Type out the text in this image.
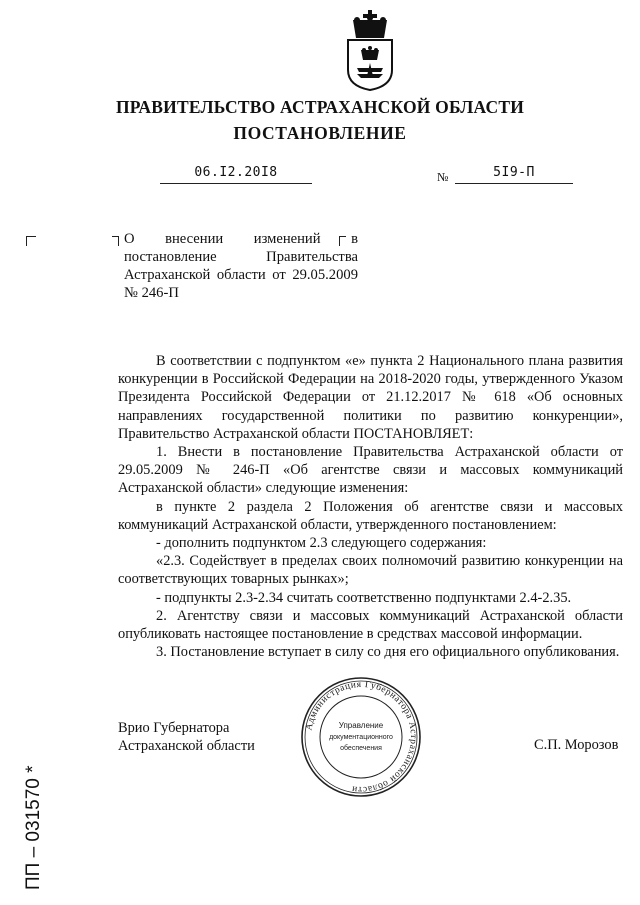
ПРАВИТЕЛЬСТВО АСТРАХАНСКОЙ ОБЛАСТИ
ПОСТАНОВЛЕНИЕ
06.I2.20I8	№	5I9-П
О внесении изменений в постановление Правительства Астраханской области от 29.05.2009 № 246-П

В соответствии с подпунктом «е» пункта 2 Национального плана развития конкуренции в Российской Федерации на 2018-2020 годы, утвержденного Указом Президента Российской Федерации от 21.12.2017 № 618 «Об основных направлениях государственной политики по развитию конкуренции», Правительство Астраханской области ПОСТАНОВЛЯЕТ:

1. Внести в постановление Правительства Астраханской области от 29.05.2009 № 246-П «Об агентстве связи и массовых коммуникаций Астраханской области» следующие изменения:

в пункте 2 раздела 2 Положения об агентстве связи и массовых коммуникаций Астраханской области, утвержденного постановлением:

- дополнить подпунктом 2.3 следующего содержания:

«2.3. Содействует в пределах своих полномочий развитию конкуренции на соответствующих товарных рынках»;

- подпункты 2.3-2.34 считать соответственно подпунктами 2.4-2.35.

2. Агентству связи и массовых коммуникаций Астраханской области опубликовать настоящее постановление в средствах массовой информации.

3. Постановление вступает в силу со дня его официального опубликования.

Врио Губернатора
Астраханской области
Администрация Губернатора Астраханской области
Управление
документационного
обеспечения	С.П. Морозов
ПП – 031570 *
